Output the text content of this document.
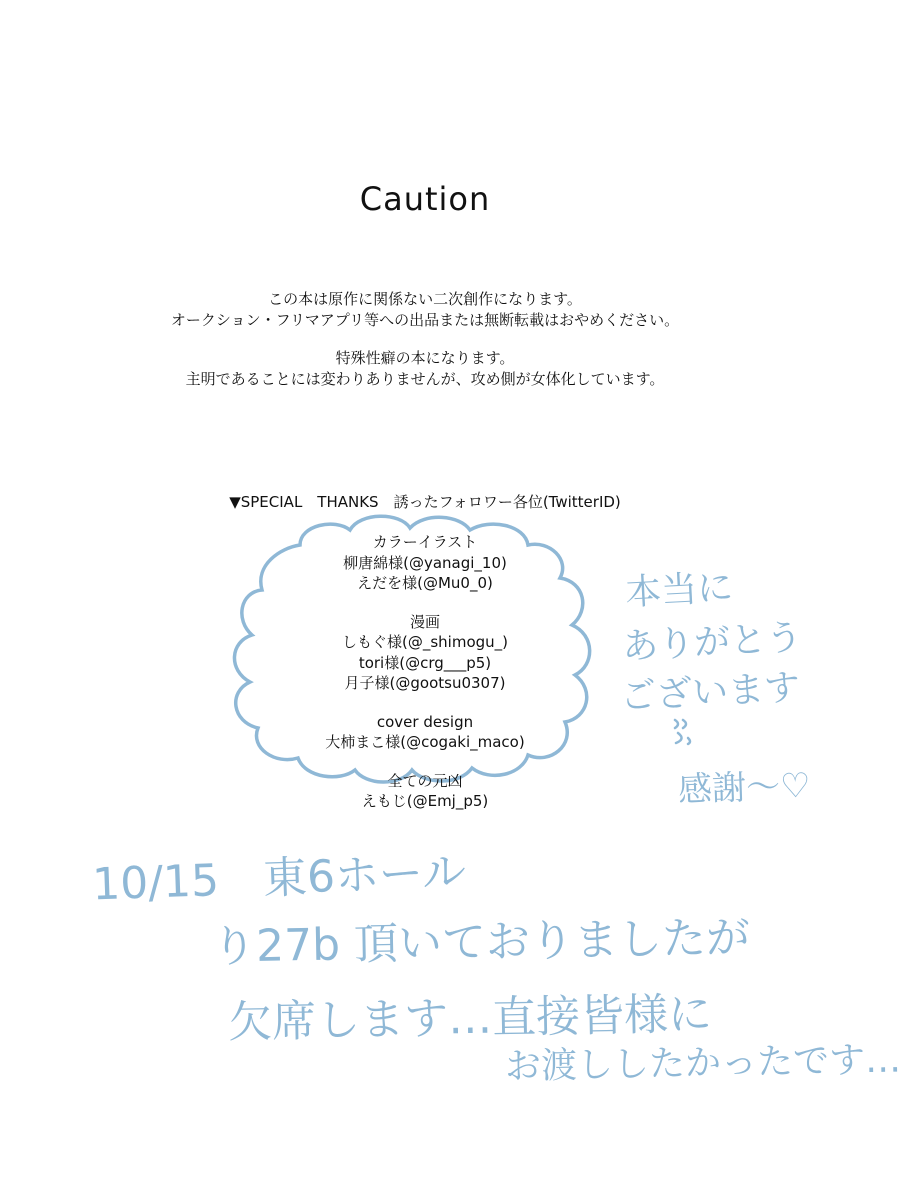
Caution
この本は原作に関係ない二次創作になります。
オークション・フリマアプリ等への出品または無断転載はおやめください。
特殊性癖の本になります。
主明であることには変わりありませんが、攻め側が女体化しています。
▼SPECIAL　THANKS　誘ったフォロワー各位(TwitterID)
カラーイラスト
柳唐綿様(@yanagi_10)
えだを様(@Mu0_0)
漫画
しもぐ様(@_shimogu_)
tori様(@crg___p5)
月子様(@gootsu0307)
cover design
大柿まこ様(@cogaki_maco)
全ての元凶
えもじ(@Emj_p5)
本当に
ありがとう
ございます
感謝〜♡
10/15　東6ホール
り27b 頂いておりましたが
欠席します…直接皆様に
お渡ししたかったです…
